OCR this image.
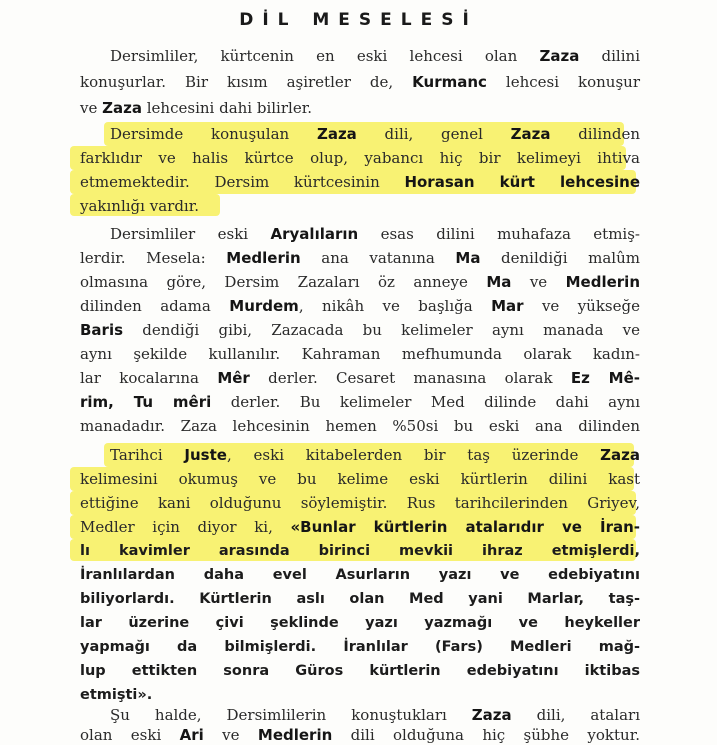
DİL MESELESİ
Dersimliler, kürtcenin en eski lehcesi olan Zaza dilini
konuşurlar. Bir kısım aşiretler de, Kurmanc lehcesi konuşur
ve Zaza lehcesini dahi bilirler.
Dersimde konuşulan Zaza dili, genel Zaza dilinden
farklıdır ve halis kürtce olup, yabancı hiç bir kelimeyi ihtiva
etmemektedir. Dersim kürtcesinin Horasan kürt lehcesine
yakınlığı vardır.
Dersimliler eski Aryalıların esas dilini muhafaza etmiş-
lerdir. Mesela: Medlerin ana vatanına Ma denildiği malûm
olmasına göre, Dersim Zazaları öz anneye Ma ve Medlerin
dilinden adama Murdem, nikâh ve başlığa Mar ve yükseğe
Baris dendiği gibi, Zazacada bu kelimeler aynı manada ve
aynı şekilde kullanılır. Kahraman mefhumunda olarak kadın-
lar kocalarına Mêr derler. Cesaret manasına olarak Ez Mê-
rim, Tu mêri derler. Bu kelimeler Med dilinde dahi aynı
manadadır. Zaza lehcesinin hemen %50si bu eski ana dilinden
Tarihci Juste, eski kitabelerden bir taş üzerinde Zaza
kelimesini okumuş ve bu kelime eski kürtlerin dilini kast
ettiğine kani olduğunu söylemiştir. Rus tarihcilerinden Griyev,
Medler için diyor ki, «Bunlar kürtlerin atalarıdır ve İran-
lı kavimler arasında birinci mevkii ihraz etmişlerdi,
İranlılardan daha evel Asurların yazı ve edebiyatını
biliyorlardı. Kürtlerin aslı olan Med yani Marlar, taş-
lar üzerine çivi şeklinde yazı yazmağı ve heykeller
yapmağı da bilmişlerdi. İranlılar (Fars) Medleri mağ-
lup ettikten sonra Güros kürtlerin edebiyatını iktibas
etmişti».
Şu halde, Dersimlilerin konuştukları Zaza dili, ataları
olan eski Ari ve Medlerin dili olduğuna hiç şübhe yoktur.
